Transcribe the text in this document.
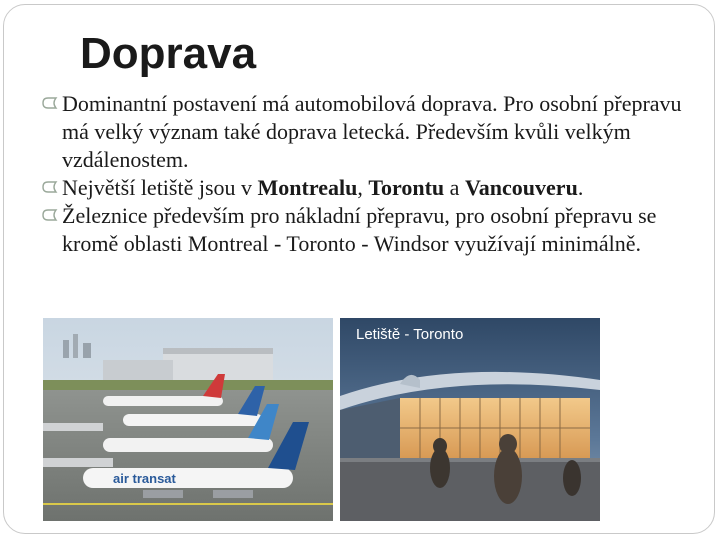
Doprava
Dominantní postavení má automobilová doprava. Pro osobní přepravu má velký význam také doprava letecká. Především kvůli velkým vzdálenostem.
Největší letiště jsou v Montrealu, Torontu a Vancouveru.
Železnice především pro nákladní přepravu, pro osobní přepravu se kromě oblasti Montreal - Toronto - Windsor využívají minimálně.
air transat
Letiště - Toronto
